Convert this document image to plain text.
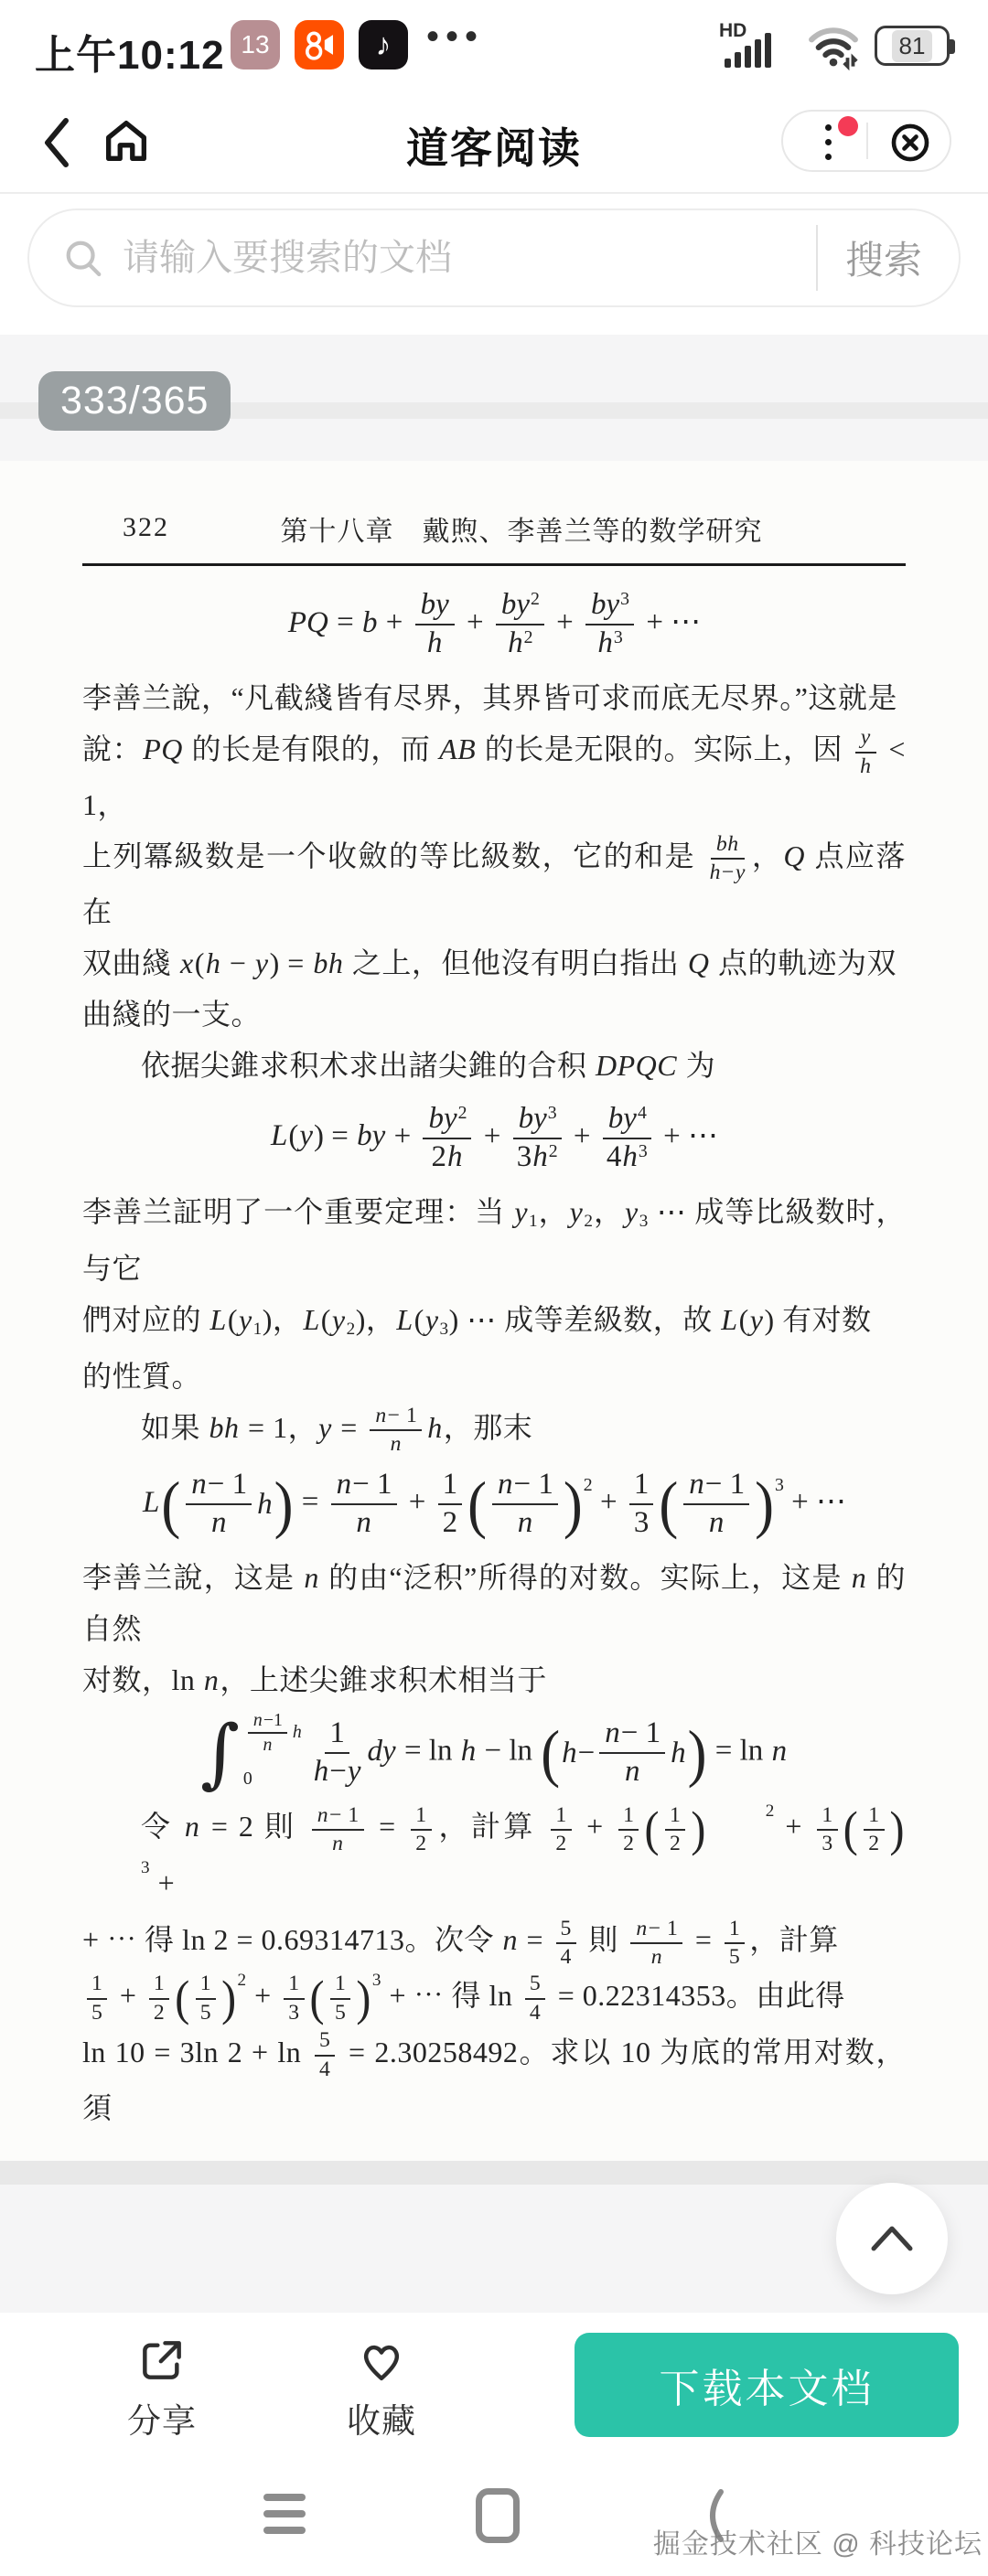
上午10:12 13	♪ •••	HD
81
道客阅读
请输入要搜索的文档
搜索
333/365
322	第十八章　戴煦、李善兰等的数学研究
PQ = $b + \frac{by}{h} + \frac{by 2}{h 2} + \frac{by 3}{h 3}$ + ⋯
李善兰說，“凡截綫皆有尽界，其界皆可求而底无尽界。”这就是
說：PQ 的长是有限的，而 AB 的长是无限的。实际上，因 $\frac{y}{h} < 1$，
上列冪級数是一个收斂的等比級数，它的和是 $\frac{bh}{h - y}$ ，Q 点应落在
双曲綫 x(h − y) = bh 之上，但他沒有明白指出 Q 点的軌迹为双
曲綫的一支。
依据尖錐求积术求出諸尖錐的合积 DPQC 为
L(y) = by + $\frac{by 2}{2 h} + \frac{by 3}{3 h 2} + \frac{by 4}{4 h 3}$ + ⋯
李善兰証明了一个重要定理：当 y1，y2，y3 ⋯ 成等比級数时，与它
們对应的 L(y1)，L(y2)，L(y3) ⋯ 成等差級数，故 L(y) 有对数
的性質。
如果 bh = 1，$y = \frac{n - 1}{n}$ h，那末
L ( $\frac{n - 1}{n}$ h ) = $\frac{n - 1}{n} + \frac{1}{2}$ ( $\frac{n - 1}{n}$ ) $2 + \frac{1}{3}$ ( $\frac{n - 1}{n}$ ) 3 + ⋯
李善兰說，这是 n 的由“泛积”所得的对数。实际上，这是 n 的自然
对数，ln n，上述尖錐求积术相当于
∫ $\frac{n -1}{n}$ h
$0 \frac{1}{h - y}$ dy = ln h − ln ( $h - \frac{n - 1}{n}$ h ) = ln n
令 n = 2 則 $\frac{n - 1}{n} = \frac{1}{2}$ ，計算 $\frac{1}{2} + \frac{1}{2}$ ( $\frac{1}{2}$ )	$2 + \frac{1}{3}$ ( $\frac{1}{2}$ )
3 +
+ ⋯ 得 ln 2 = 0.69314713。次令 $n = \frac{5}{4}$ 則 $\frac{n - 1}{n} = \frac{1}{5}$ ，計算
$\frac{1}{5} + \frac{1}{2}$ ( $\frac{1}{5}$ ) $2 + \frac{1}{3}$ ( $\frac{1}{5}$ ) 3 + ⋯ 得 $\ln \frac{5}{4} = 0.22314353$。由此得
ln 10 = 3ln $2 + \ln \frac{5}{4} = 2.30258492$。求以 10 为底的常用对数，須
分享	收藏
下载本文档
掘金技术社区 @ 科技论坛
